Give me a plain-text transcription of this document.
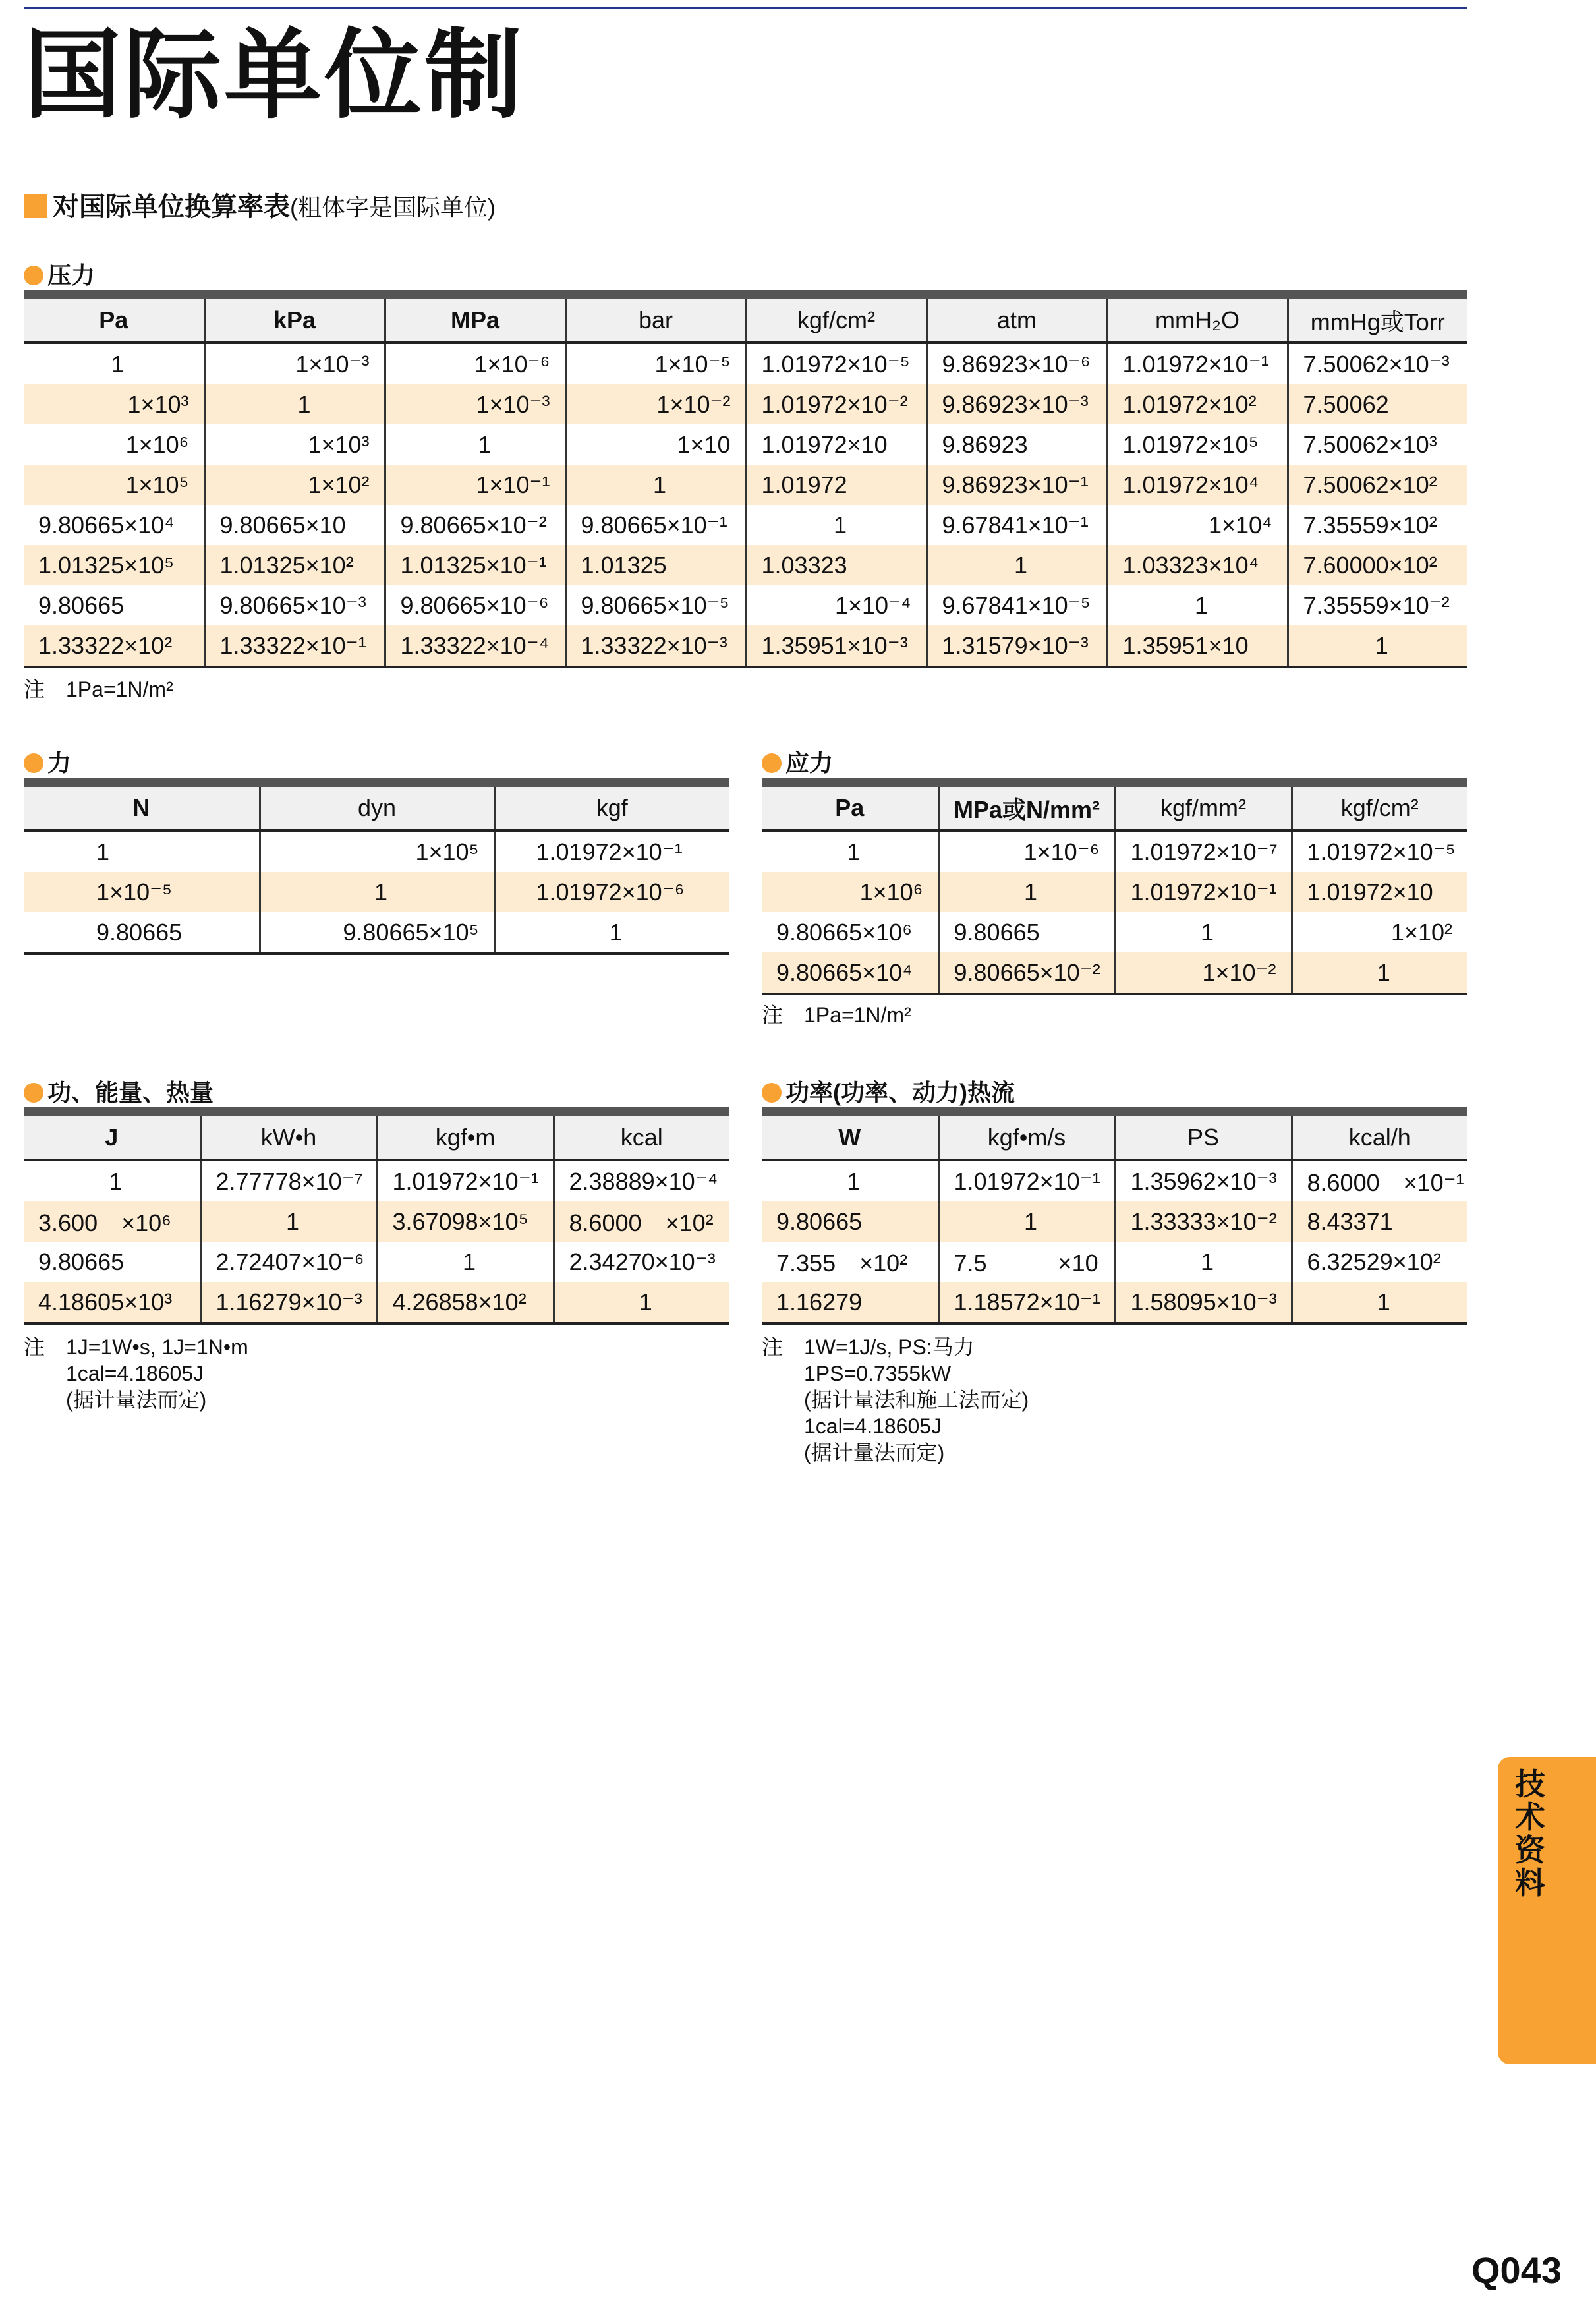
国际单位制
对国际单位换算率表(粗体字是国际单位)
压力
Pa	kPa	MPa	bar	kgf/cm²	atm	mmH₂O	mmHg或Torr
1	1×10⁻³	1×10⁻⁶	1×10⁻⁵	1.01972×10⁻⁵	9.86923×10⁻⁶	1.01972×10⁻¹	7.50062×10⁻³
1×10³	1	1×10⁻³	1×10⁻²	1.01972×10⁻²	9.86923×10⁻³	1.01972×10²	7.50062
1×10⁶	1×10³	1	1×10	1.01972×10	9.86923	1.01972×10⁵	7.50062×10³
1×10⁵	1×10²	1×10⁻¹	1	1.01972	9.86923×10⁻¹	1.01972×10⁴	7.50062×10²
9.80665×10⁴	9.80665×10	9.80665×10⁻²	9.80665×10⁻¹	1	9.67841×10⁻¹	1×10⁴	7.35559×10²
1.01325×10⁵	1.01325×10²	1.01325×10⁻¹	1.01325	1.03323	1	1.03323×10⁴	7.60000×10²
9.80665	9.80665×10⁻³	9.80665×10⁻⁶	9.80665×10⁻⁵	1×10⁻⁴	9.67841×10⁻⁵	1	7.35559×10⁻²
1.33322×10²	1.33322×10⁻¹	1.33322×10⁻⁴	1.33322×10⁻³	1.35951×10⁻³	1.31579×10⁻³	1.35951×10	1
注　1Pa=1N/m²
力
N	dyn	kgf
1	1×10⁵	1.01972×10⁻¹
1×10⁻⁵	1	1.01972×10⁻⁶
9.80665	9.80665×10⁵	1
应力
Pa	MPa或N/mm²	kgf/mm²	kgf/cm²
1	1×10⁻⁶	1.01972×10⁻⁷	1.01972×10⁻⁵
1×10⁶	1	1.01972×10⁻¹	1.01972×10
9.80665×10⁶	9.80665	1	1×10²
9.80665×10⁴	9.80665×10⁻²	1×10⁻²	1
注　1Pa=1N/m²
功、能量、热量
J	kW•h	kgf•m	kcal
1	2.77778×10⁻⁷	1.01972×10⁻¹	2.38889×10⁻⁴
3.600　×10⁶	1	3.67098×10⁵	8.6000　×10²
9.80665	2.72407×10⁻⁶	1	2.34270×10⁻³
4.18605×10³	1.16279×10⁻³	4.26858×10²	1
注　1J=1W•s, 1J=1N•m
　　1cal=4.18605J
　　(据计量法而定)
功率(功率、动力)热流
W	kgf•m/s	PS	kcal/h
1	1.01972×10⁻¹	1.35962×10⁻³	8.6000　×10⁻¹
9.80665	1	1.33333×10⁻²	8.43371
7.355　×10²	7.5　　　×10	1	6.32529×10²
1.16279	1.18572×10⁻¹	1.58095×10⁻³	1
注　1W=1J/s, PS:马力
　　1PS=0.7355kW
　　(据计量法和施工法而定)
　　1cal=4.18605J
　　(据计量法而定)
技术资料
Q043
